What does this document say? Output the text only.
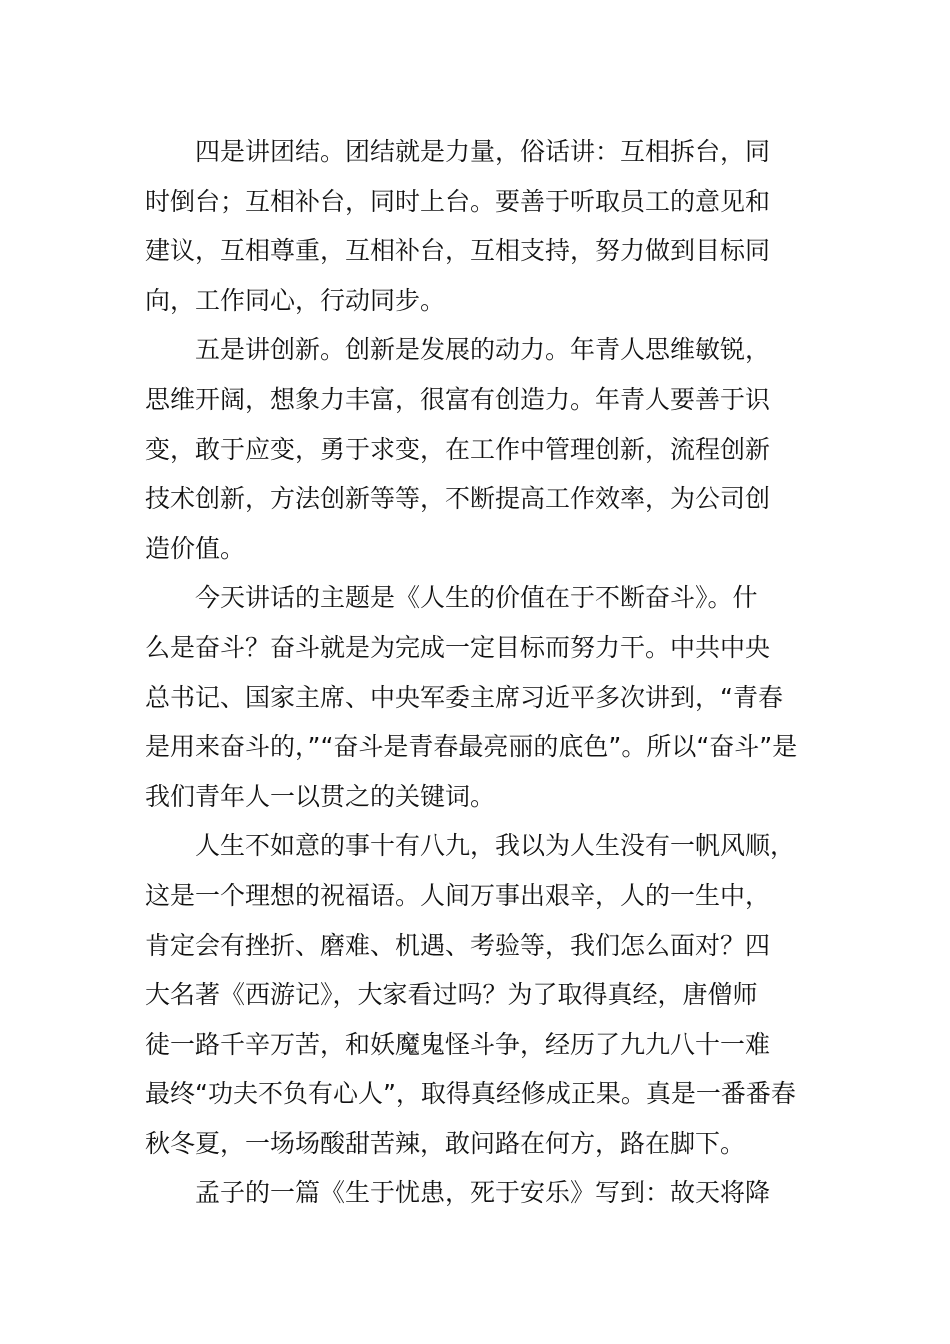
四是讲团结。团结就是力量，俗话讲：互相拆台，同
时倒台；互相补台，同时上台。要善于听取员工的意见和
建议，互相尊重，互相补台，互相支持，努力做到目标同
向，工作同心，行动同步。

五是讲创新。创新是发展的动力。年青人思维敏锐，
思维开阔，想象力丰富，很富有创造力。年青人要善于识
变，敢于应变，勇于求变，在工作中管理创新，流程创新
技术创新，方法创新等等，不断提高工作效率，为公司创
造价值。

今天讲话的主题是《人生的价值在于不断奋斗》。什
么是奋斗？奋斗就是为完成一定目标而努力干。中共中央
总书记、国家主席、中央军委主席习近平多次讲到，“青春
是用来奋斗的，”“奋斗是青春最亮丽的底色”。所以“奋斗”是
我们青年人一以贯之的关键词。

人生不如意的事十有八九，我以为人生没有一帆风顺，
这是一个理想的祝福语。人间万事出艰辛，人的一生中，
肯定会有挫折、磨难、机遇、考验等，我们怎么面对？四
大名著《西游记》，大家看过吗？为了取得真经，唐僧师
徒一路千辛万苦，和妖魔鬼怪斗争，经历了九九八十一难
最终“功夫不负有心人”，取得真经修成正果。真是一番番春
秋冬夏，一场场酸甜苦辣，敢问路在何方，路在脚下。

孟子的一篇《生于忧患，死于安乐》写到：故天将降
